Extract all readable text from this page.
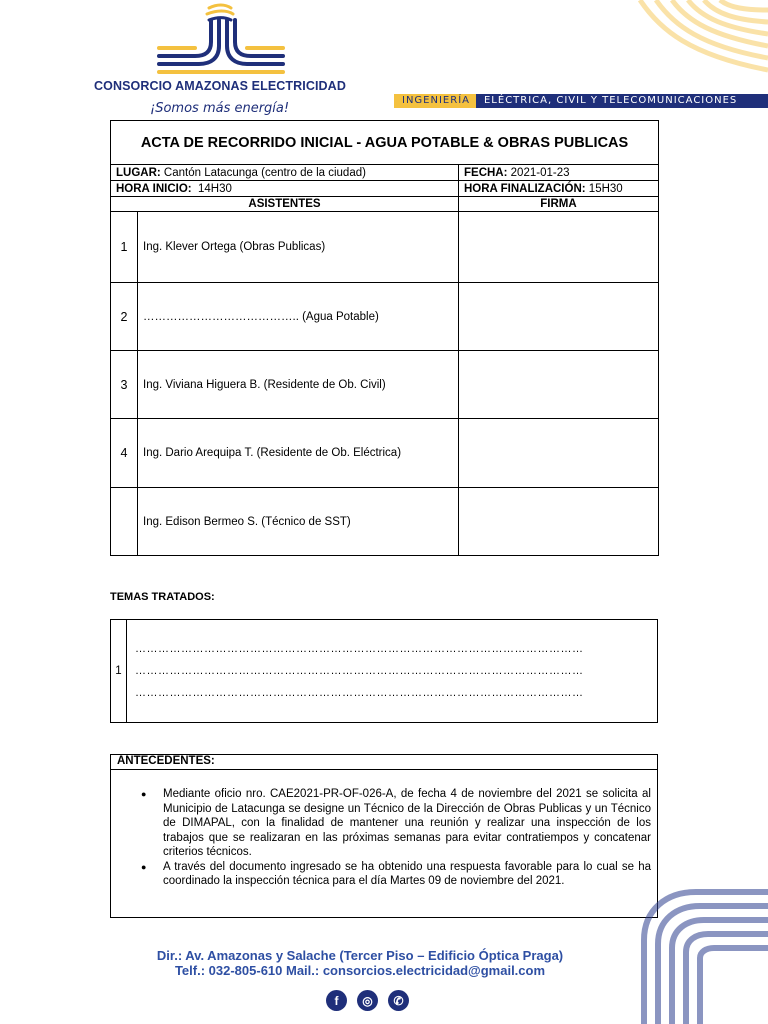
CONSORCIO AMAZONAS ELECTRICIDAD
¡Somos más energía!
INGENIERÍA	ELÉCTRICA, CIVIL Y TELECOMUNICACIONES
ACTA DE RECORRIDO INICIAL - AGUA POTABLE & OBRAS PUBLICAS		
LUGAR: Cantón Latacunga (centro de la ciudad)		FECHA: 2021-01-23
HORA INICIO: 14H30		HORA FINALIZACIÓN: 15H30
ASISTENTES		FIRMA
1	Ing. Klever Ortega (Obras Publicas)	
2	………………………………….. (Agua Potable)	
3	Ing. Viviana Higuera B. (Residente de Ob. Civil)	
4	Ing. Dario Arequipa T. (Residente de Ob. Eléctrica)	
	Ing. Edison Bermeo S. (Técnico de SST)	
TEMAS TRATADOS:
1	
………………………………………………………………………………………………………
………………………………………………………………………………………………………
………………………………………………………………………………………………………
ANTECEDENTES:
● Mediante oficio nro. CAE2021-PR-OF-026-A, de fecha 4 de noviembre del 2021 se solicita al Municipio de Latacunga se designe un Técnico de la Dirección de Obras Publicas y un Técnico de DIMAPAL, con la finalidad de mantener una reunión y realizar una inspección de los trabajos que se realizaran en las próximas semanas para evitar contratiempos y concatenar criterios técnicos.
● A través del documento ingresado se ha obtenido una respuesta favorable para lo cual se ha coordinado la inspección técnica para el día Martes 09 de noviembre del 2021.
Dir.: Av. Amazonas y Salache (Tercer Piso – Edificio Óptica Praga)
Telf.: 032-805-610 Mail.: consorcios.electricidad@gmail.com
f	◎	✆
